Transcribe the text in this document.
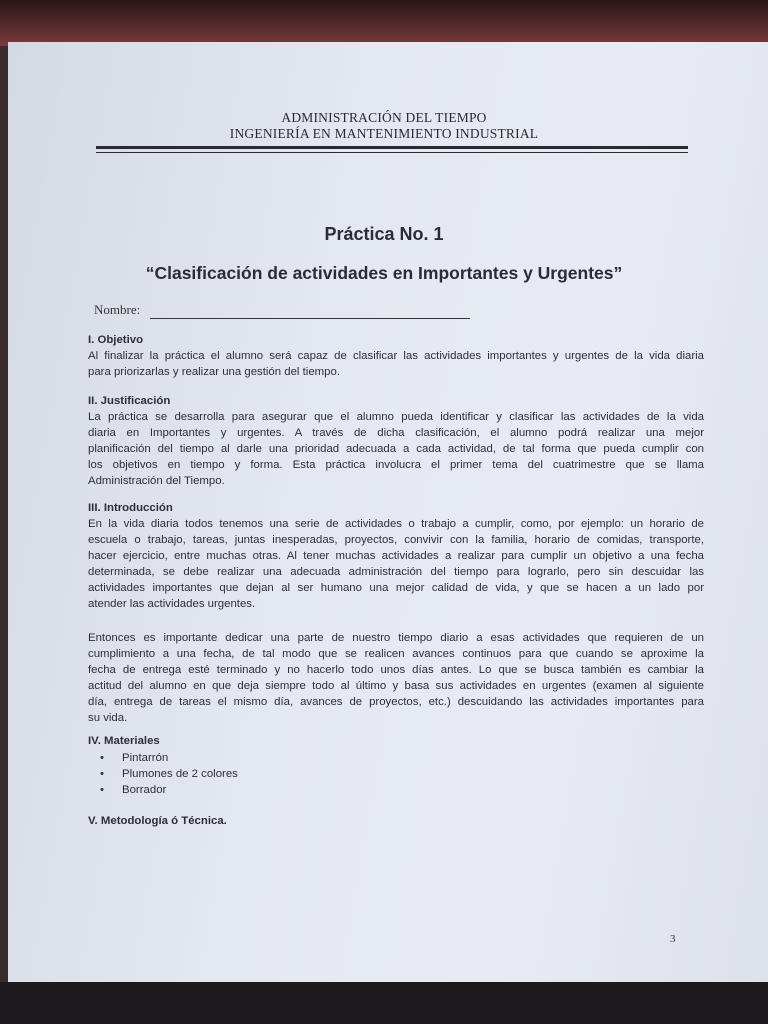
ADMINISTRACIÓN DEL TIEMPO
INGENIERÍA EN MANTENIMIENTO INDUSTRIAL
Práctica No. 1
“Clasificación de actividades en Importantes y Urgentes”
Nombre:
I. Objetivo
Al finalizar la práctica el alumno será capaz de clasificar las actividades importantes y urgentes de la vida diaria
para priorizarlas y realizar una gestión del tiempo.
II. Justificación
La práctica se desarrolla para asegurar que el alumno pueda identificar y clasificar las actividades de la vida
diaria en Importantes y urgentes. A través de dicha clasificación, el alumno podrá realizar una mejor
planificación del tiempo al darle una prioridad adecuada a cada actividad, de tal forma que pueda cumplir con
los objetivos en tiempo y forma. Esta práctica involucra el primer tema del cuatrimestre que se llama
Administración del Tiempo.
III. Introducción
En la vida diaria todos tenemos una serie de actividades o trabajo a cumplir, como, por ejemplo: un horario de
escuela o trabajo, tareas, juntas inesperadas, proyectos, convivir con la familia, horario de comidas, transporte,
hacer ejercicio, entre muchas otras. Al tener muchas actividades a realizar para cumplir un objetivo a una fecha
determinada, se debe realizar una adecuada administración del tiempo para lograrlo, pero sin descuidar las
actividades importantes que dejan al ser humano una mejor calidad de vida, y que se hacen a un lado por
atender las actividades urgentes.
Entonces es importante dedicar una parte de nuestro tiempo diario a esas actividades que requieren de un
cumplimiento a una fecha, de tal modo que se realicen avances continuos para que cuando se aproxime la
fecha de entrega esté terminado y no hacerlo todo unos días antes. Lo que se busca también es cambiar la
actitud del alumno en que deja siempre todo al último y basa sus actividades en urgentes (examen al siguiente
día, entrega de tareas el mismo día, avances de proyectos, etc.) descuidando las actividades importantes para
su vida.
IV. Materiales
• Pintarrón
• Plumones de 2 colores
• Borrador
V. Metodología ó Técnica.
3
